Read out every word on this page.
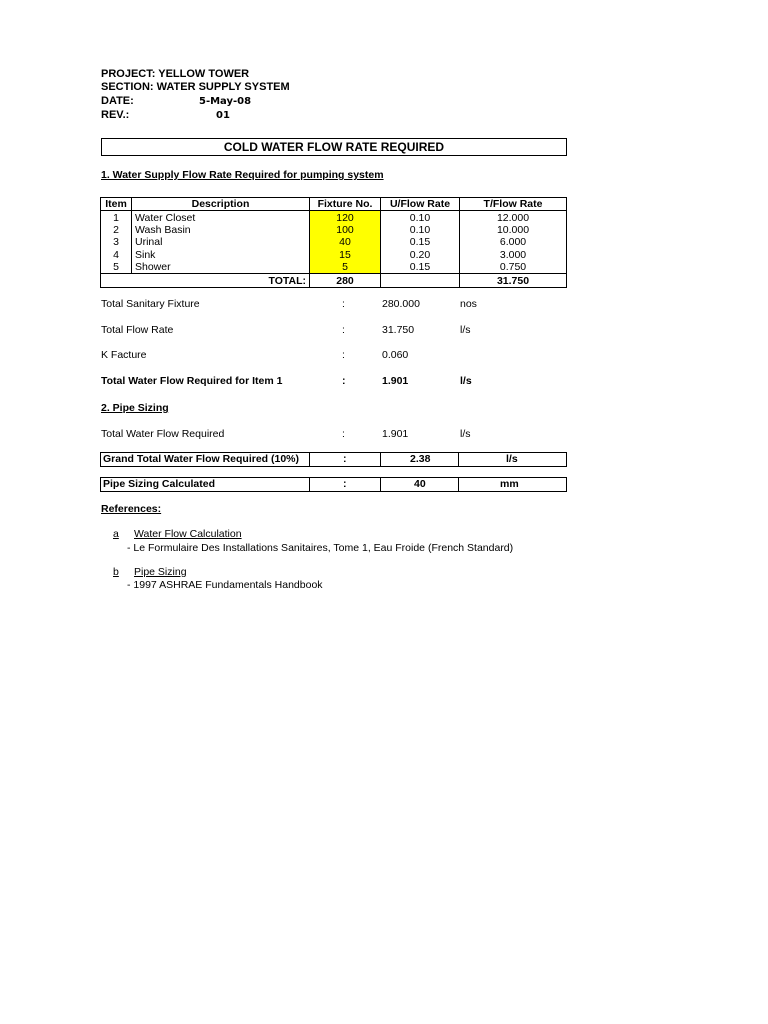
PROJECT: YELLOW TOWER
SECTION: WATER SUPPLY SYSTEM
DATE:	5-May-08
REV.:	01
COLD WATER FLOW RATE REQUIRED
1. Water Supply Flow Rate Required for pumping system
Item	Description	Fixture No.	U/Flow Rate	T/Flow Rate
1	Water Closet	120	0.10	12.000
2	Wash Basin	100	0.10	10.000
3	Urinal	40	0.15	6.000
4	Sink	15	0.20	3.000
5	Shower	5	0.15	0.750
TOTAL:		280		31.750
Total Sanitary Fixture	:	280.000	nos
Total Flow Rate	:	31.750	l/s
K Facture	:	0.060
Total Water Flow Required for Item 1	:	1.901	l/s
2. Pipe Sizing
Total Water Flow Required	:	1.901	l/s
Grand Total Water Flow Required (10%)	:	2.38	l/s
Pipe Sizing Calculated	:	40	mm
References:
a Water Flow Calculation
- Le Formulaire Des Installations Sanitaires, Tome 1, Eau Froide (French Standard)
b Pipe Sizing
- 1997 ASHRAE Fundamentals Handbook
